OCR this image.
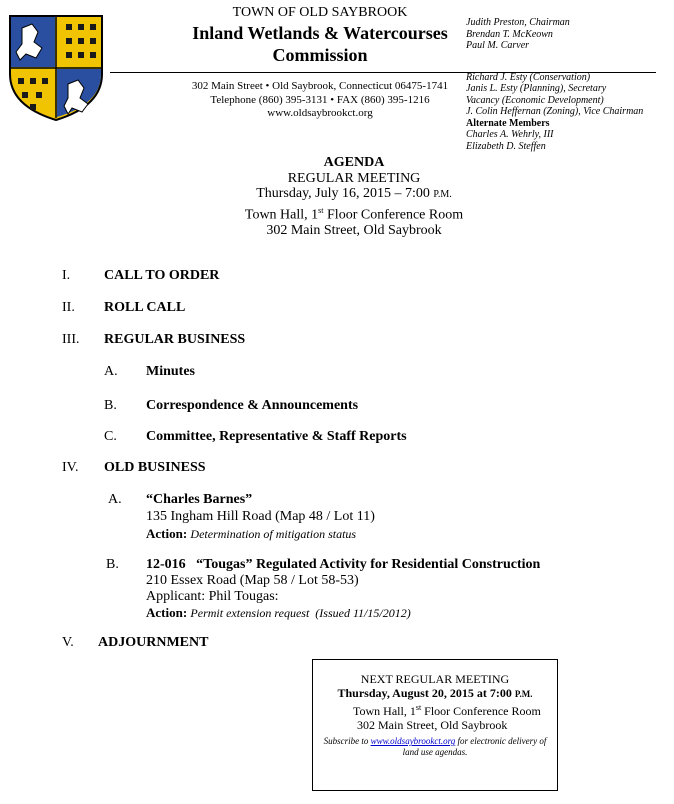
TOWN OF OLD SAYBROOK
Inland Wetlands & Watercourses
Commission
302 Main Street • Old Saybrook, Connecticut 06475-1741
Telephone (860) 395-3131 • FAX (860) 395-1216
www.oldsaybrookct.org
Judith Preston, Chairman
Brendan T. McKeown
Paul M. Carver
Richard J. Esty (Conservation)
Janis L. Esty (Planning), Secretary
Vacancy (Economic Development)
J. Colin Heffernan (Zoning), Vice Chairman
Alternate Members
Charles A. Wehrly, III
Elizabeth D. Steffen
AGENDA
REGULAR MEETING
Thursday, July 16, 2015 – 7:00 P.M.
Town Hall, 1st Floor Conference Room
302 Main Street, Old Saybrook
I. CALL TO ORDER
II. ROLL CALL
III. REGULAR BUSINESS
A. Minutes
B. Correspondence & Announcements
C. Committee, Representative & Staff Reports
IV. OLD BUSINESS
A. “Charles Barnes”
135 Ingham Hill Road (Map 48 / Lot 11)
Action: Determination of mitigation status
B. 12-016   “Tougas” Regulated Activity for Residential Construction
210 Essex Road (Map 58 / Lot 58-53)
Applicant: Phil Tougas:
Action: Permit extension request  (Issued 11/15/2012)
V. ADJOURNMENT
NEXT REGULAR MEETING
Thursday, August 20, 2015 at 7:00 P.M.
Town Hall, 1st Floor Conference Room
302 Main Street, Old Saybrook
Subscribe to www.oldsaybrookct.org for electronic delivery of
land use agendas.
